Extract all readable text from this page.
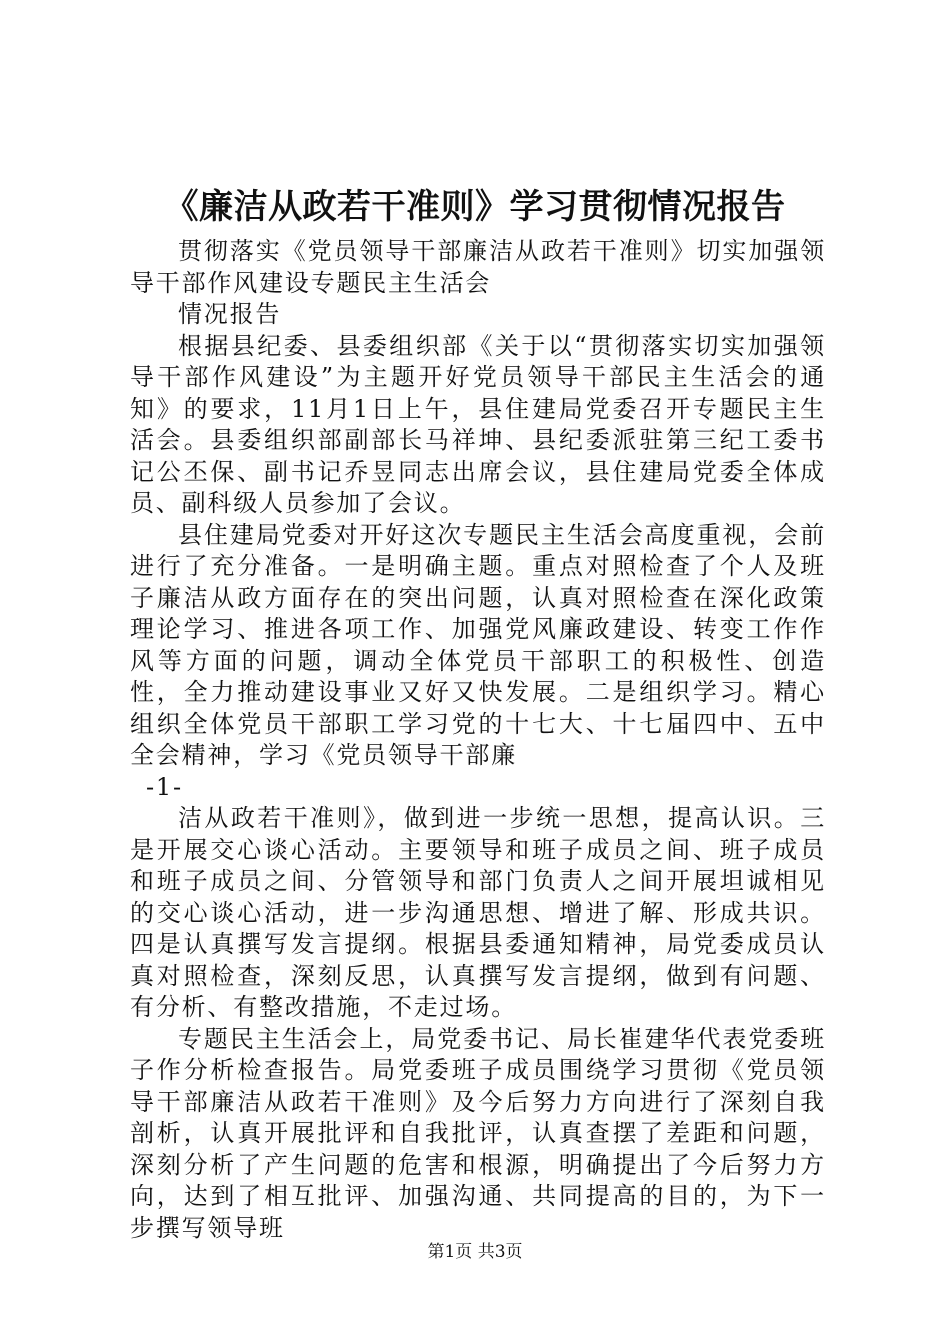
《廉洁从政若干准则》学习贯彻情况报告

贯彻落实《党员领导干部廉洁从政若干准则》切实加强领导干部作风建设专题民主生活会

情况报告

根据县纪委、县委组织部《关于以“贯彻落实切实加强领导干部作风建设”为主题开好党员领导干部民主生活会的通知》的要求，11月1日上午，县住建局党委召开专题民主生活会。县委组织部副部长马祥坤、县纪委派驻第三纪工委书记公丕保、副书记乔昱同志出席会议，县住建局党委全体成员、副科级人员参加了会议。

县住建局党委对开好这次专题民主生活会高度重视，会前进行了充分准备。一是明确主题。重点对照检查了个人及班子廉洁从政方面存在的突出问题，认真对照检查在深化政策理论学习、推进各项工作、加强党风廉政建设、转变工作作风等方面的问题，调动全体党员干部职工的积极性、创造性，全力推动建设事业又好又快发展。二是组织学习。精心组织全体党员干部职工学习党的十七大、十七届四中、五中全会精神，学习《党员领导干部廉

-1-

洁从政若干准则》，做到进一步统一思想，提高认识。三是开展交心谈心活动。主要领导和班子成员之间、班子成员和班子成员之间、分管领导和部门负责人之间开展坦诚相见的交心谈心活动，进一步沟通思想、增进了解、形成共识。四是认真撰写发言提纲。根据县委通知精神，局党委成员认真对照检查，深刻反思，认真撰写发言提纲，做到有问题、有分析、有整改措施，不走过场。

专题民主生活会上，局党委书记、局长崔建华代表党委班子作分析检查报告。局党委班子成员围绕学习贯彻《党员领导干部廉洁从政若干准则》及今后努力方向进行了深刻自我剖析，认真开展批评和自我批评，认真查摆了差距和问题，深刻分析了产生问题的危害和根源，明确提出了今后努力方向，达到了相互批评、加强沟通、共同提高的目的，为下一步撰写领导班

第1页 共3页
